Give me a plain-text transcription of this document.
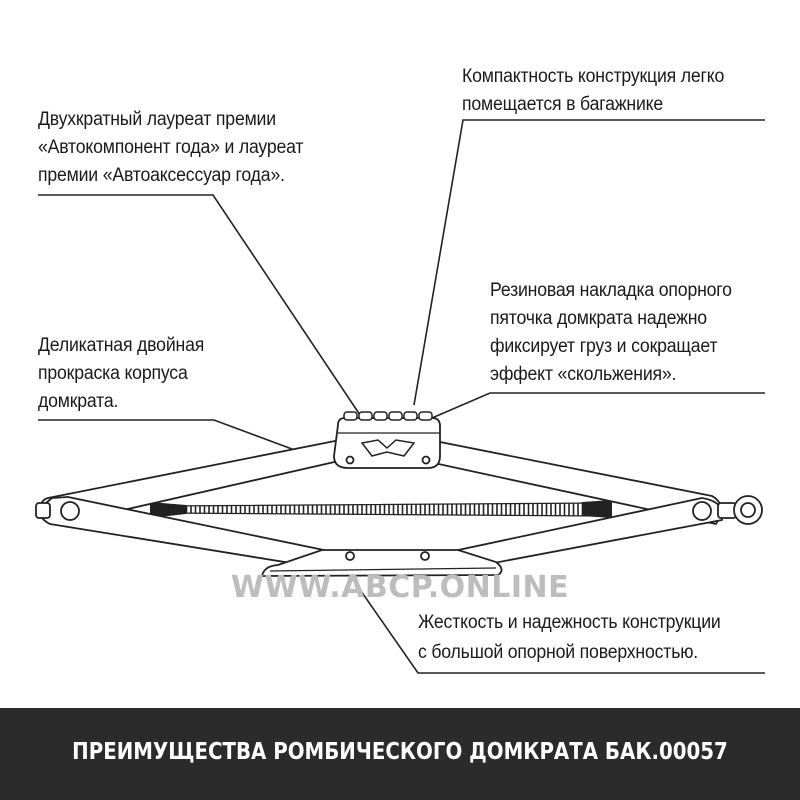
WWW.ABCP.ONLINE
Двухкратный лауреат премии
«Автокомпонент года» и лауреат
премии «Автоаксессуар года».
Компактность конструкция легко
помещается в багажнике
Деликатная двойная
прокраска корпуса
домкрата.
Резиновая накладка опорного
пяточка домкрата надежно
фиксирует груз и сокращает
эффект «скольжения».
Жесткость и надежность конструкции
с большой опорной поверхностью.
ПРЕИМУЩЕСТВА РОМБИЧЕСКОГО ДОМКРАТА БАК.00057
